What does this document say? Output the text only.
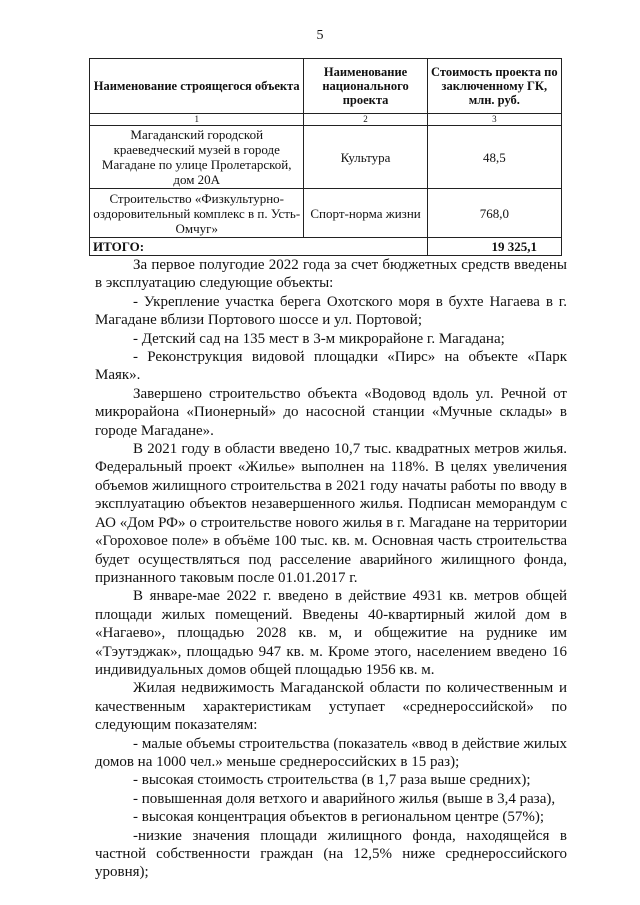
5
Наименование строящегося объекта	Наименование национального проекта	Стоимость проекта по заключенному ГК, млн. руб.
1	2	3
Магаданский городской краеведческий музей в городе Магадане по улице Пролетарской, дом 20А	Культура	48,5
Строительство «Физкультурно-оздоровительный комплекс в п. Усть-Омчуг»	Спорт-норма жизни	768,0
ИТОГО:		19 325,1

За первое полугодие 2022 года за счет бюджетных средств введены в эксплуатацию следующие объекты:

- Укрепление участка берега Охотского моря в бухте Нагаева в г. Магадане вблизи Портового шоссе и ул. Портовой;

- Детский сад на 135 мест в 3-м микрорайоне г. Магадана;

- Реконструкция видовой площадки «Пирс» на объекте «Парк Маяк».

Завершено строительство объекта «Водовод вдоль ул. Речной от микрорайона «Пионерный» до насосной станции «Мучные склады» в городе Магадане».

В 2021 году в области введено 10,7 тыс. квадратных метров жилья. Федеральный проект «Жилье» выполнен на 118%. В целях увеличения объемов жилищного строительства в 2021 году начаты работы по вводу в эксплуатацию объектов незавершенного жилья. Подписан меморандум с АО «Дом РФ» о строительстве нового жилья в г. Магадане на территории «Гороховое поле» в объёме 100 тыс. кв. м. Основная часть строительства будет осуществляться под расселение аварийного жилищного фонда, признанного таковым после 01.01.2017 г.

В январе-мае 2022 г. введено в действие 4931 кв. метров общей площади жилых помещений. Введены 40-квартирный жилой дом в «Нагаево», площадью 2028 кв. м, и общежитие на руднике им «Тэутэджак», площадью 947 кв. м. Кроме этого, населением введено 16 индивидуальных домов общей площадью 1956 кв. м.

Жилая недвижимость Магаданской области по количественным и качественным характеристикам уступает «среднероссийской» по следующим показателям:

- малые объемы строительства (показатель «ввод в действие жилых домов на 1000 чел.» меньше среднероссийских в 15 раз);

- высокая стоимость строительства (в 1,7 раза выше средних);

- повышенная доля ветхого и аварийного жилья (выше в 3,4 раза),

- высокая концентрация объектов в региональном центре (57%);

-низкие значения площади жилищного фонда, находящейся в частной собственности граждан (на 12,5% ниже среднероссийского уровня);
